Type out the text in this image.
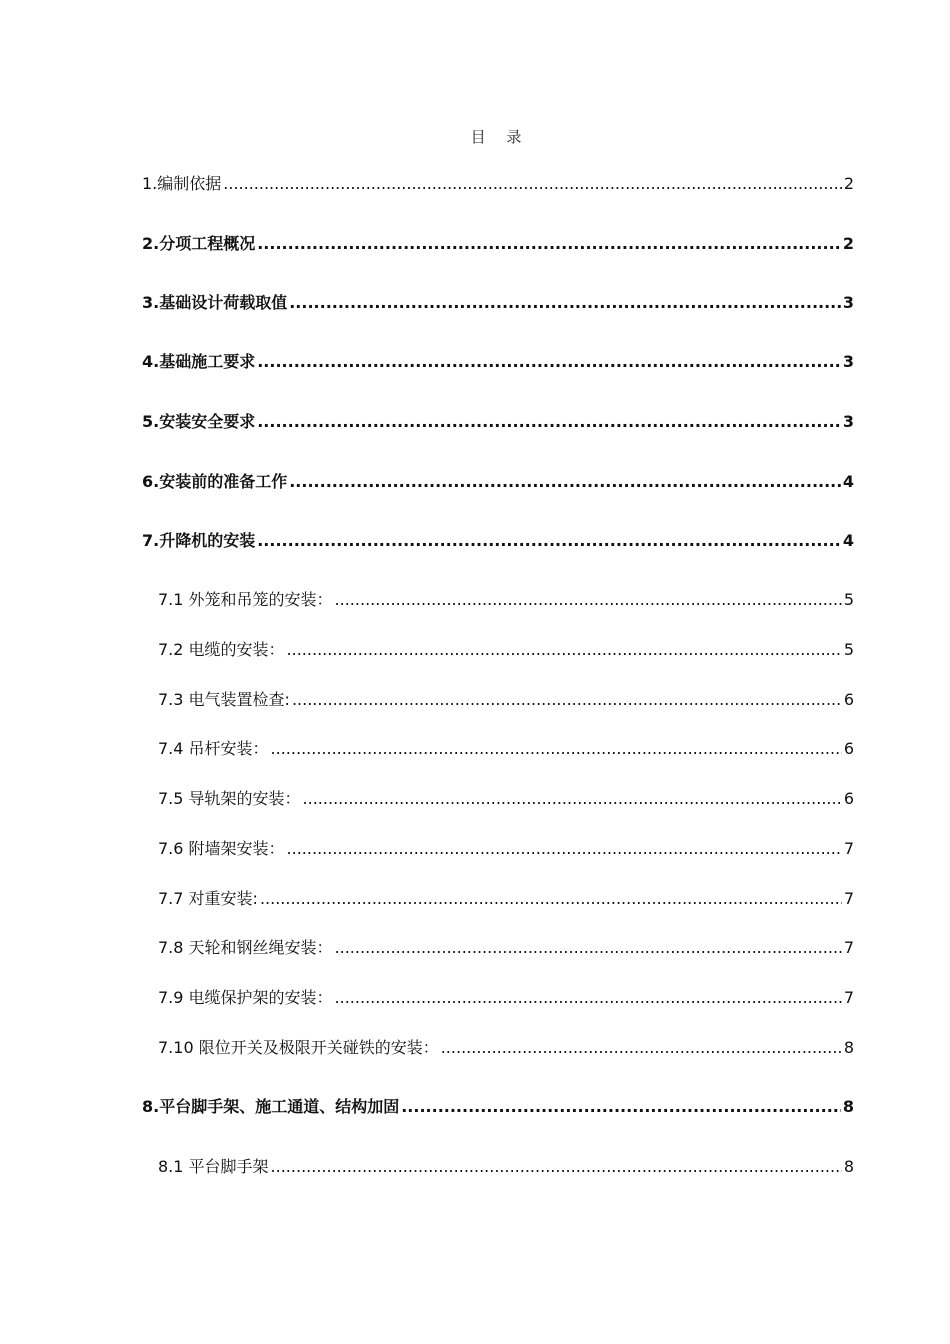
目 录
1.编制依据 .....	2
2.分项工程概况 .....	2
3.基础设计荷载取值 .....	3
4.基础施工要求 .....	3
5.安装安全要求 .....	3
6.安装前的准备工作 .....	4
7.升降机的安装 .....	4
7.1 外笼和吊笼的安装： .....	5
7.2 电缆的安装： .....	5
7.3 电气装置检查: .....	6
7.4 吊杆安装： .....	6
7.5 导轨架的安装： .....	6
7.6 附墙架安装： .....	7
7.7 对重安装: .....	7
7.8 天轮和钢丝绳安装： .....	7
7.9 电缆保护架的安装： .....	7
7.10 限位开关及极限开关碰铁的安装： .....	8
8.平台脚手架、施工通道、结构加固 .....	8
8.1 平台脚手架 .....	8
